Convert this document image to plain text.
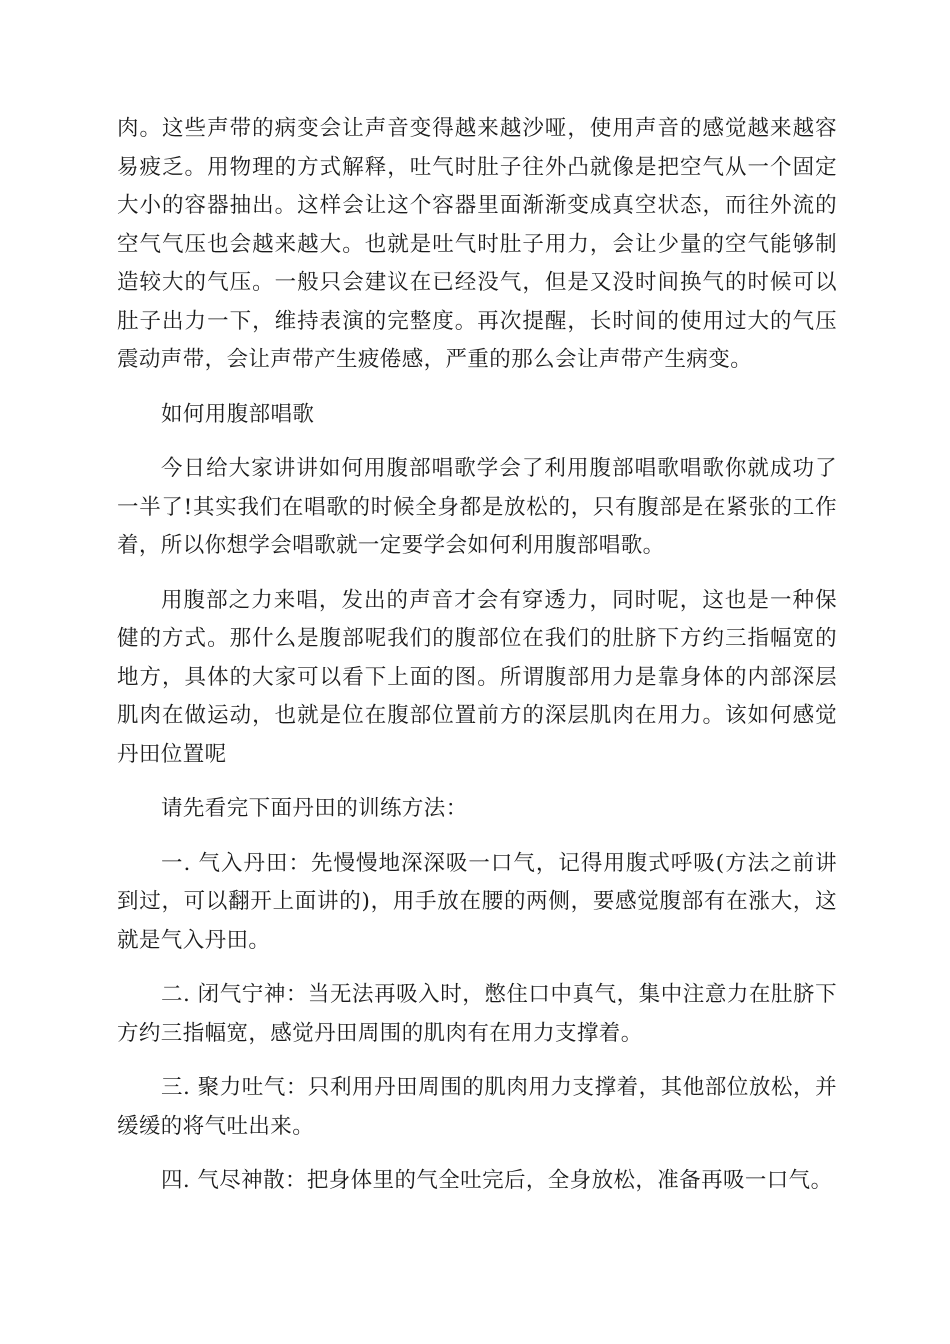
肉。这些声带的病变会让声音变得越来越沙哑，使用声音的感觉越来越容易疲乏。用物理的方式解释，吐气时肚子往外凸就像是把空气从一个固定大小的容器抽出。这样会让这个容器里面渐渐变成真空状态，而往外流的空气气压也会越来越大。也就是吐气时肚子用力，会让少量的空气能够制造较大的气压。一般只会建议在已经没气，但是又没时间换气的时候可以肚子出力一下，维持表演的完整度。再次提醒，长时间的使用过大的气压震动声带，会让声带产生疲倦感，严重的那么会让声带产生病变。

如何用腹部唱歌

今日给大家讲讲如何用腹部唱歌学会了利用腹部唱歌唱歌你就成功了一半了!其实我们在唱歌的时候全身都是放松的，只有腹部是在紧张的工作着，所以你想学会唱歌就一定要学会如何利用腹部唱歌。

用腹部之力来唱，发出的声音才会有穿透力，同时呢，这也是一种保健的方式。那什么是腹部呢我们的腹部位在我们的肚脐下方约三指幅宽的地方，具体的大家可以看下上面的图。所谓腹部用力是靠身体的内部深层肌肉在做运动，也就是位在腹部位置前方的深层肌肉在用力。该如何感觉丹田位置呢

请先看完下面丹田的训练方法：

一. 气入丹田：先慢慢地深深吸一口气，记得用腹式呼吸(方法之前讲到过，可以翻开上面讲的)，用手放在腰的两侧，要感觉腹部有在涨大，这就是气入丹田。

二. 闭气宁神：当无法再吸入时，憋住口中真气，集中注意力在肚脐下方约三指幅宽，感觉丹田周围的肌肉有在用力支撑着。

三. 聚力吐气：只利用丹田周围的肌肉用力支撑着，其他部位放松，并缓缓的将气吐出来。

四. 气尽神散：把身体里的气全吐完后，全身放松，准备再吸一口气。
